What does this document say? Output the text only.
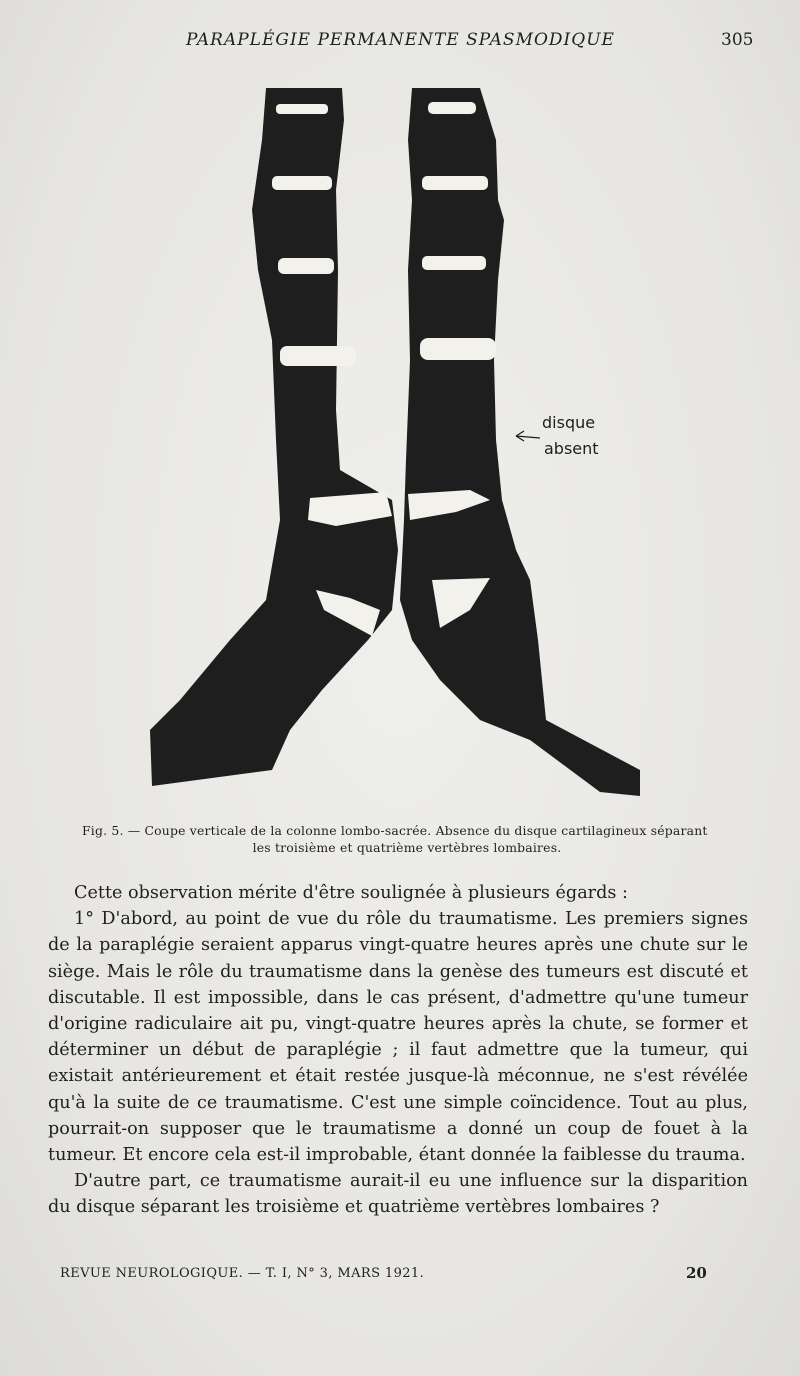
PARAPLÉGIE PERMANENTE SPASMODIQUE	305
disque
absent
Fig. 5. — Coupe verticale de la colonne lombo-sacrée. Absence du disque cartilagineux séparant
les troisième et quatrième vertèbres lombaires.

Cette observation mérite d'être soulignée à plusieurs égards :

1° D'abord, au point de vue du rôle du traumatisme. Les premiers signes de la paraplégie seraient apparus vingt-quatre heures après une chute sur le siège. Mais le rôle du traumatisme dans la genèse des tumeurs est discuté et discutable. Il est impossible, dans le cas présent, d'admettre qu'une tumeur d'origine radiculaire ait pu, vingt-quatre heures après la chute, se former et déterminer un début de paraplégie ; il faut admettre que la tumeur, qui existait antérieurement et était restée jusque-là méconnue, ne s'est révélée qu'à la suite de ce traumatisme. C'est une simple coïncidence. Tout au plus, pourrait-on supposer que le traumatisme a donné un coup de fouet à la tumeur. Et encore cela est-il improbable, étant donnée la faiblesse du trauma.

D'autre part, ce traumatisme aurait-il eu une influence sur la disparition du disque séparant les troisième et quatrième vertèbres lombaires ?

REVUE NEUROLOGIQUE. — T. I, N° 3, MARS 1921.	20
